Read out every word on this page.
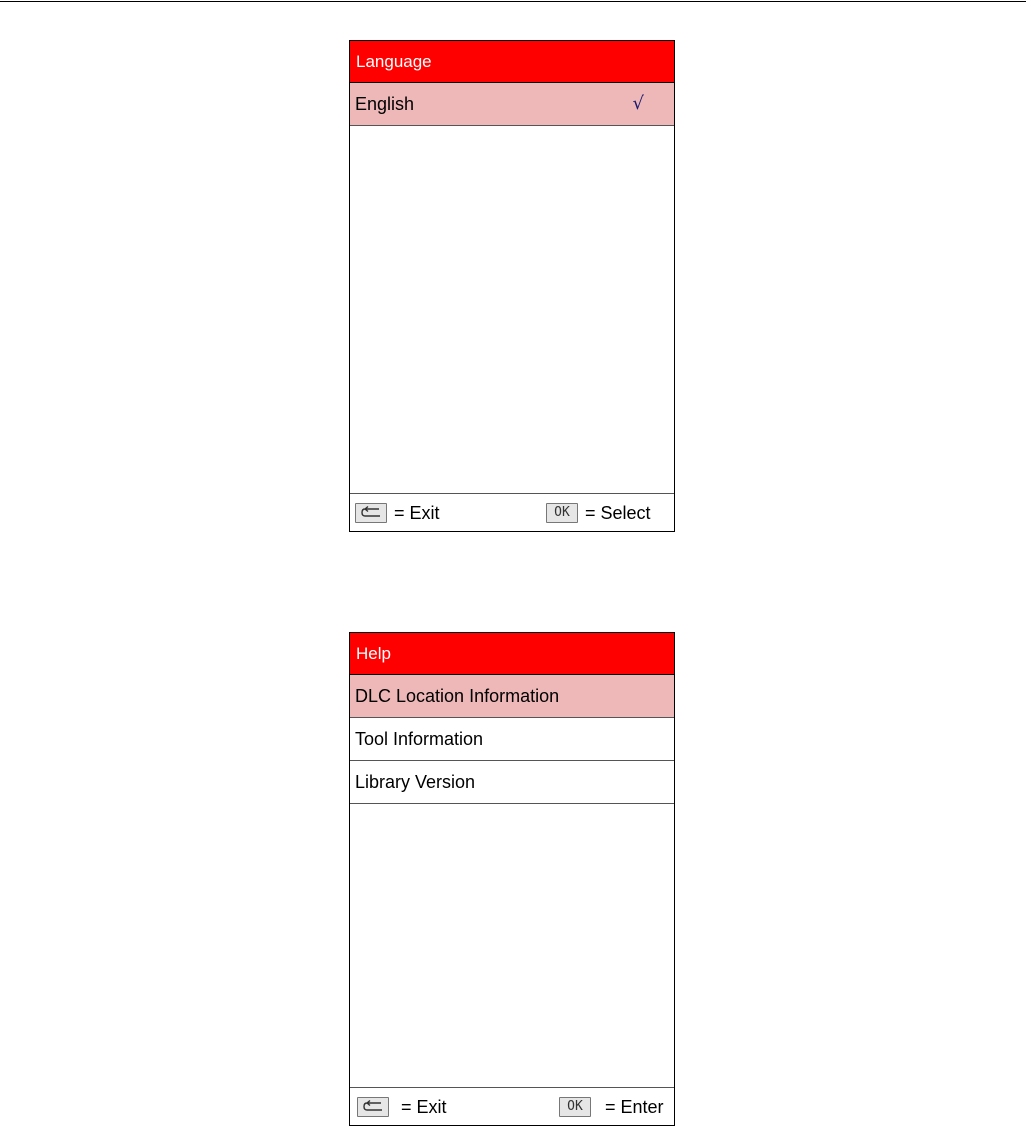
Language
English	√
= Exit	OK = Select
Help
DLC Location Information
Tool Information
Library Version
= Exit	OK	= Enter
